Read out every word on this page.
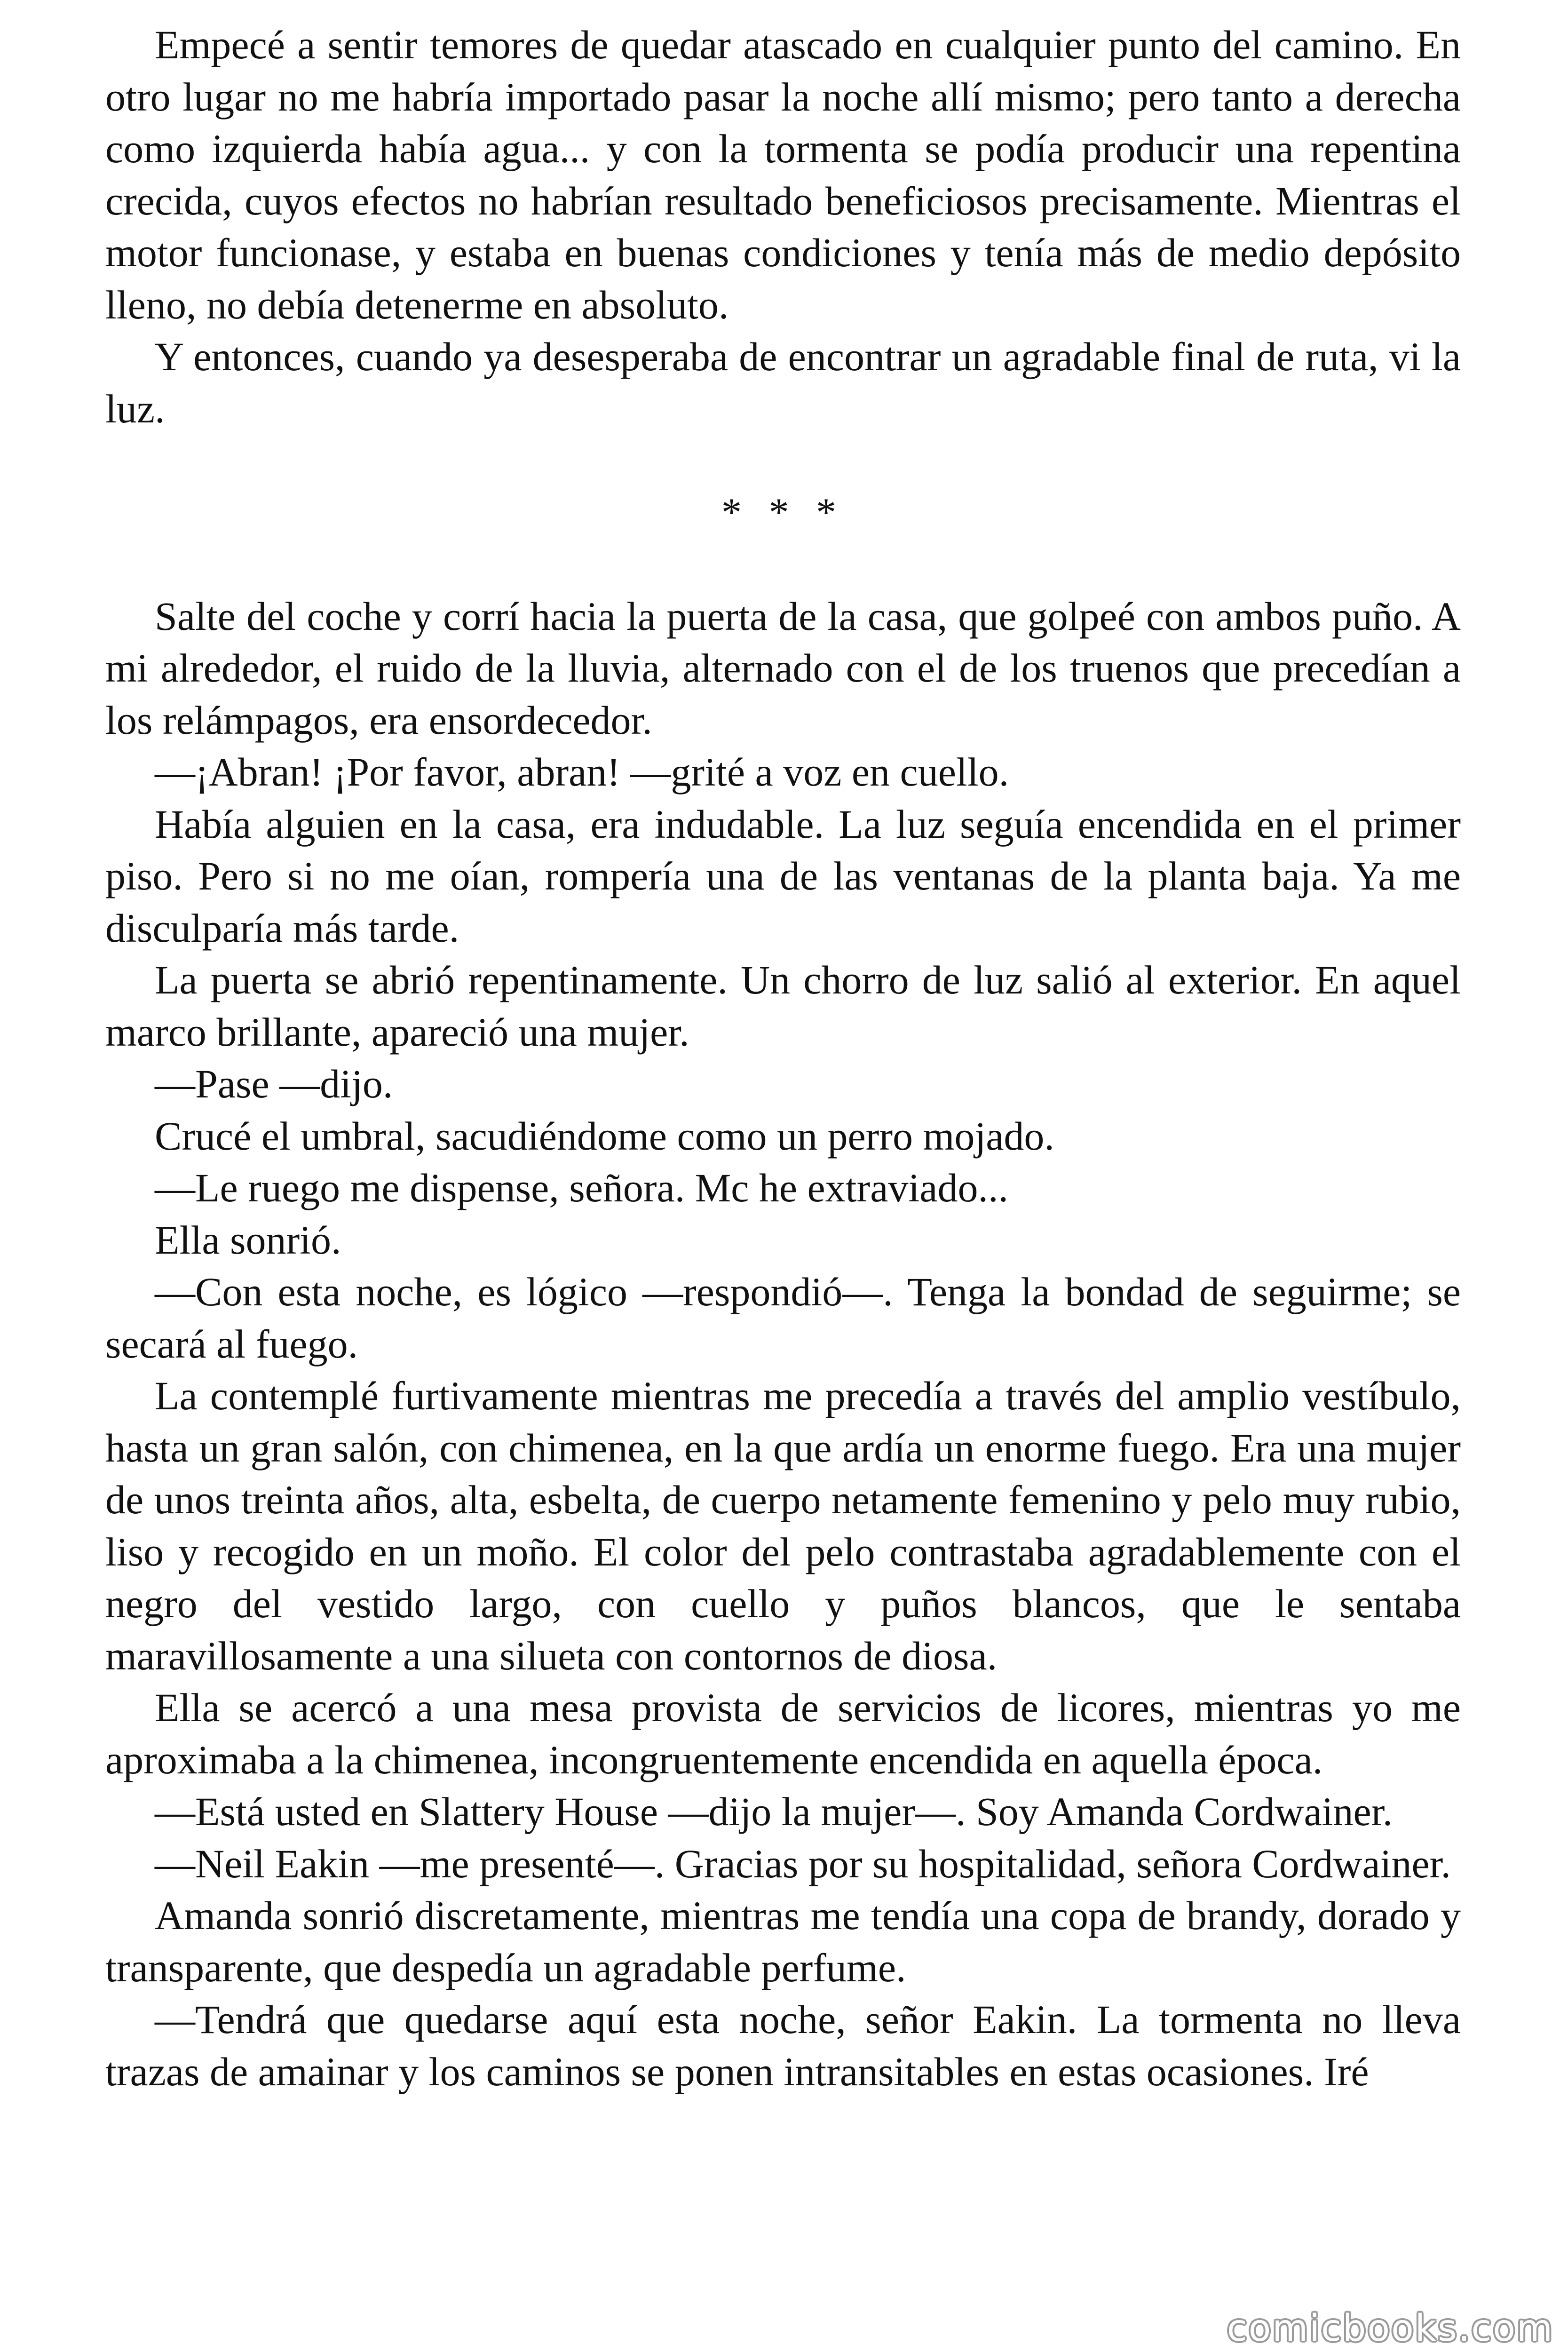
Empecé a sentir temores de quedar atascado en cualquier punto del camino. En otro lugar no me habría importado pasar la noche allí mismo; pero tanto a derecha como izquierda había agua... y con la tormenta se podía producir una repentina crecida, cuyos efectos no habrían resultado beneficiosos precisamente. Mientras el motor funcionase, y estaba en buenas condiciones y tenía más de medio depósito lleno, no debía detenerme en absoluto.

Y entonces, cuando ya desesperaba de encontrar un agradable final de ruta, vi la luz.

* * *

Salte del coche y corrí hacia la puerta de la casa, que golpeé con ambos puño. A mi alrededor, el ruido de la lluvia, alternado con el de los truenos que precedían a los relámpagos, era ensordecedor.

—¡Abran! ¡Por favor, abran! —grité a voz en cuello.

Había alguien en la casa, era indudable. La luz seguía encendida en el primer piso. Pero si no me oían, rompería una de las ventanas de la planta baja. Ya me disculparía más tarde.

La puerta se abrió repentinamente. Un chorro de luz salió al exterior. En aquel marco brillante, apareció una mujer.

—Pase —dijo.

Crucé el umbral, sacudiéndome como un perro mojado.

—Le ruego me dispense, señora. Mc he extraviado...

Ella sonrió.

—Con esta noche, es lógico —respondió—. Tenga la bondad de seguirme; se secará al fuego.

La contemplé furtivamente mientras me precedía a través del amplio vestíbulo, hasta un gran salón, con chimenea, en la que ardía un enorme fuego. Era una mujer de unos treinta años, alta, esbelta, de cuerpo netamente femenino y pelo muy rubio, liso y recogido en un moño. El color del pelo contrastaba agradablemente con el negro del vestido largo, con cuello y puños blancos, que le sentaba maravillosamente a una silueta con contornos de diosa.

Ella se acercó a una mesa provista de servicios de licores, mientras yo me aproximaba a la chimenea, incongruentemente encendida en aquella época.

—Está usted en Slattery House —dijo la mujer—. Soy Amanda Cordwainer.

—Neil Eakin —me presenté—. Gracias por su hospitalidad, señora Cordwainer.

Amanda sonrió discretamente, mientras me tendía una copa de brandy, dorado y transparente, que despedía un agradable perfume.

—Tendrá que quedarse aquí esta noche, señor Eakin. La tormenta no lleva trazas de amainar y los caminos se ponen intransitables en estas ocasiones. Iré

comicbooks.com
